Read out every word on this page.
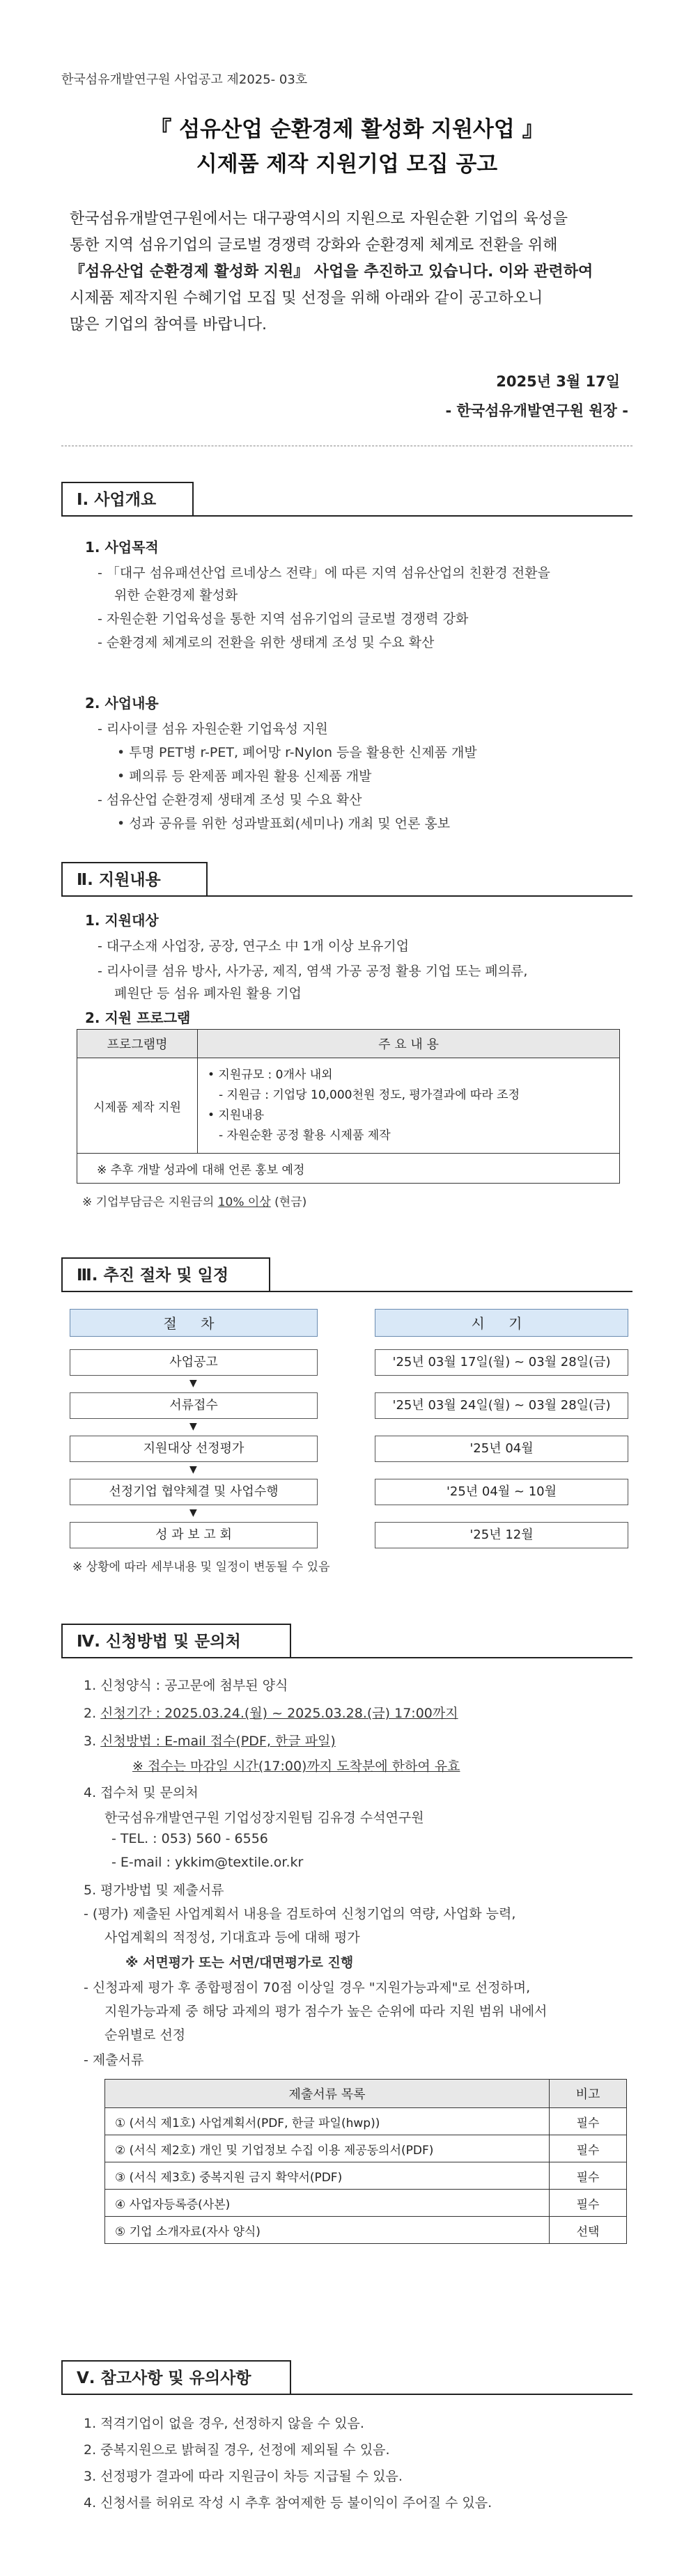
한국섬유개발연구원 사업공고 제2025- 03호
『 섬유산업 순환경제 활성화 지원사업 』
시제품 제작 지원기업 모집 공고
한국섬유개발연구원에서는 대구광역시의 지원으로 자원순환 기업의 육성을
통한 지역 섬유기업의 글로벌 경쟁력 강화와 순환경제 체계로 전환을 위해
『섬유산업 순환경제 활성화 지원』 사업을 추진하고 있습니다. 이와 관련하여
시제품 제작지원 수혜기업 모집 및 선정을 위해 아래와 같이 공고하오니
많은 기업의 참여를 바랍니다.
2025년 3월 17일
- 한국섬유개발연구원 원장 -
Ⅰ. 사업개요
1. 사업목적
- 「대구 섬유패션산업 르네상스 전략」에 따른 지역 섬유산업의 친환경 전환을
위한 순환경제 활성화
- 자원순환 기업육성을 통한 지역 섬유기업의 글로벌 경쟁력 강화
- 순환경제 체계로의 전환을 위한 생태계 조성 및 수요 확산
2. 사업내용
- 리사이클 섬유 자원순환 기업육성 지원
• 투명 PET병 r-PET, 폐어망 r-Nylon 등을 활용한 신제품 개발
• 폐의류 등 완제품 폐자원 활용 신제품 개발
- 섬유산업 순환경제 생태계 조성 및 수요 확산
• 성과 공유를 위한 성과발표회(세미나) 개최 및 언론 홍보
Ⅱ. 지원내용
1. 지원대상
- 대구소재 사업장, 공장, 연구소 中 1개 이상 보유기업
- 리사이클 섬유 방사, 사가공, 제직, 염색 가공 공정 활용 기업 또는 폐의류,
폐원단 등 섬유 폐자원 활용 기업
2. 지원 프로그램
프로그램명	주 요 내 용
시제품 제작 지원	• 지원규모 : 0개사 내외
- 지원금 : 기업당 10,000천원 정도, 평가결과에 따라 조정
• 지원내용
- 자원순환 공정 활용 시제품 제작

※ 추후 개발 성과에 대해 언론 홍보 예정	
※ 기업부담금은 지원금의 10% 이상 (현금)
Ⅲ. 추진 절차 및 일정
절 차	시 기
사업공고	'25년 03월 17일(월) ~ 03월 28일(금)
▼
서류접수	'25년 03월 24일(월) ~ 03월 28일(금)
▼
지원대상 선정평가	'25년 04월
▼
선정기업 협약체결 및 사업수행	'25년 04월 ~ 10월
▼
성 과 보 고 회	'25년 12월
※ 상황에 따라 세부내용 및 일정이 변동될 수 있음
Ⅳ. 신청방법 및 문의처
1. 신청양식 : 공고문에 첨부된 양식
2. 신청기간 : 2025.03.24.(월) ~ 2025.03.28.(금) 17:00까지
3. 신청방법 : E-mail 접수(PDF, 한글 파일)
※ 접수는 마감일 시간(17:00)까지 도착분에 한하여 유효
4. 접수처 및 문의처
한국섬유개발연구원 기업성장지원팀 김유경 수석연구원
- TEL. : 053) 560 - 6556
- E-mail : ykkim@textile.or.kr
5. 평가방법 및 제출서류
- (평가) 제출된 사업계획서 내용을 검토하여 신청기업의 역량, 사업화 능력,
사업계획의 적정성, 기대효과 등에 대해 평가
※ 서면평가 또는 서면/대면평가로 진행
- 신청과제 평가 후 종합평점이 70점 이상일 경우 "지원가능과제"로 선정하며,
지원가능과제 중 해당 과제의 평가 점수가 높은 순위에 따라 지원 범위 내에서
순위별로 선정
- 제출서류
제출서류 목록	비고
① (서식 제1호) 사업계획서(PDF, 한글 파일(hwp))	필수
② (서식 제2호) 개인 및 기업정보 수집 이용 제공동의서(PDF)	필수
③ (서식 제3호) 중복지원 금지 확약서(PDF)	필수
④ 사업자등록증(사본)	필수
⑤ 기업 소개자료(자사 양식)	선택
Ⅴ. 참고사항 및 유의사항
1. 적격기업이 없을 경우, 선정하지 않을 수 있음.
2. 중복지원으로 밝혀질 경우, 선정에 제외될 수 있음.
3. 선정평가 결과에 따라 지원금이 차등 지급될 수 있음.
4. 신청서를 허위로 작성 시 추후 참여제한 등 불이익이 주어질 수 있음.
